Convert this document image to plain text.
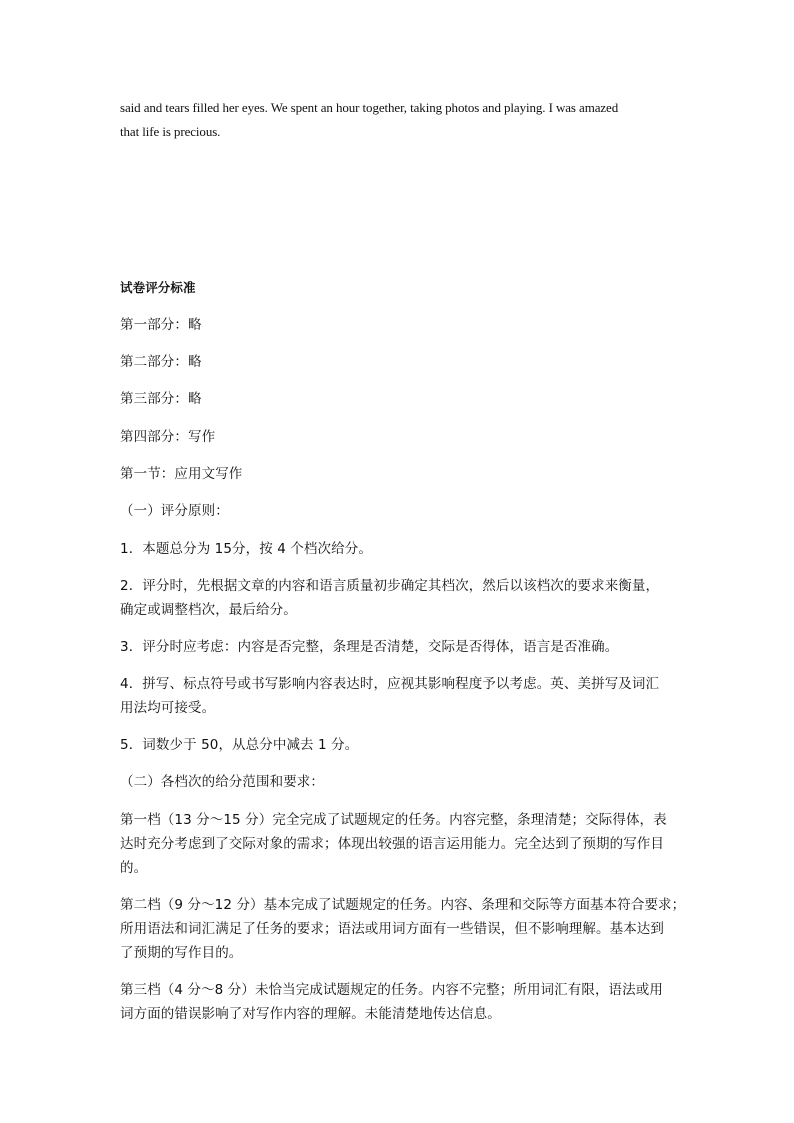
said and tears filled her eyes. We spent an hour together, taking photos and playing. I was amazed
that life is precious.
试卷评分标准
第一部分：略
第二部分：略
第三部分：略
第四部分：写作
第一节：应用文写作
（一）评分原则：
1．本题总分为 15分，按 4 个档次给分。
2．评分时，先根据文章的内容和语言质量初步确定其档次，然后以该档次的要求来衡量，
确定或调整档次，最后给分。
3．评分时应考虑：内容是否完整，条理是否清楚，交际是否得体，语言是否准确。
4．拼写、标点符号或书写影响内容表达时，应视其影响程度予以考虑。英、美拼写及词汇
用法均可接受。
5．词数少于 50，从总分中减去 1 分。
（二）各档次的给分范围和要求：
第一档（13 分～15 分）完全完成了试题规定的任务。内容完整，条理清楚；交际得体，表
达时充分考虑到了交际对象的需求；体现出较强的语言运用能力。完全达到了预期的写作目
的。
第二档（9 分～12 分）基本完成了试题规定的任务。内容、条理和交际等方面基本符合要求；
所用语法和词汇满足了任务的要求；语法或用词方面有一些错误，但不影响理解。基本达到
了预期的写作目的。
第三档（4 分～8 分）未恰当完成试题规定的任务。内容不完整；所用词汇有限，语法或用
词方面的错误影响了对写作内容的理解。未能清楚地传达信息。
